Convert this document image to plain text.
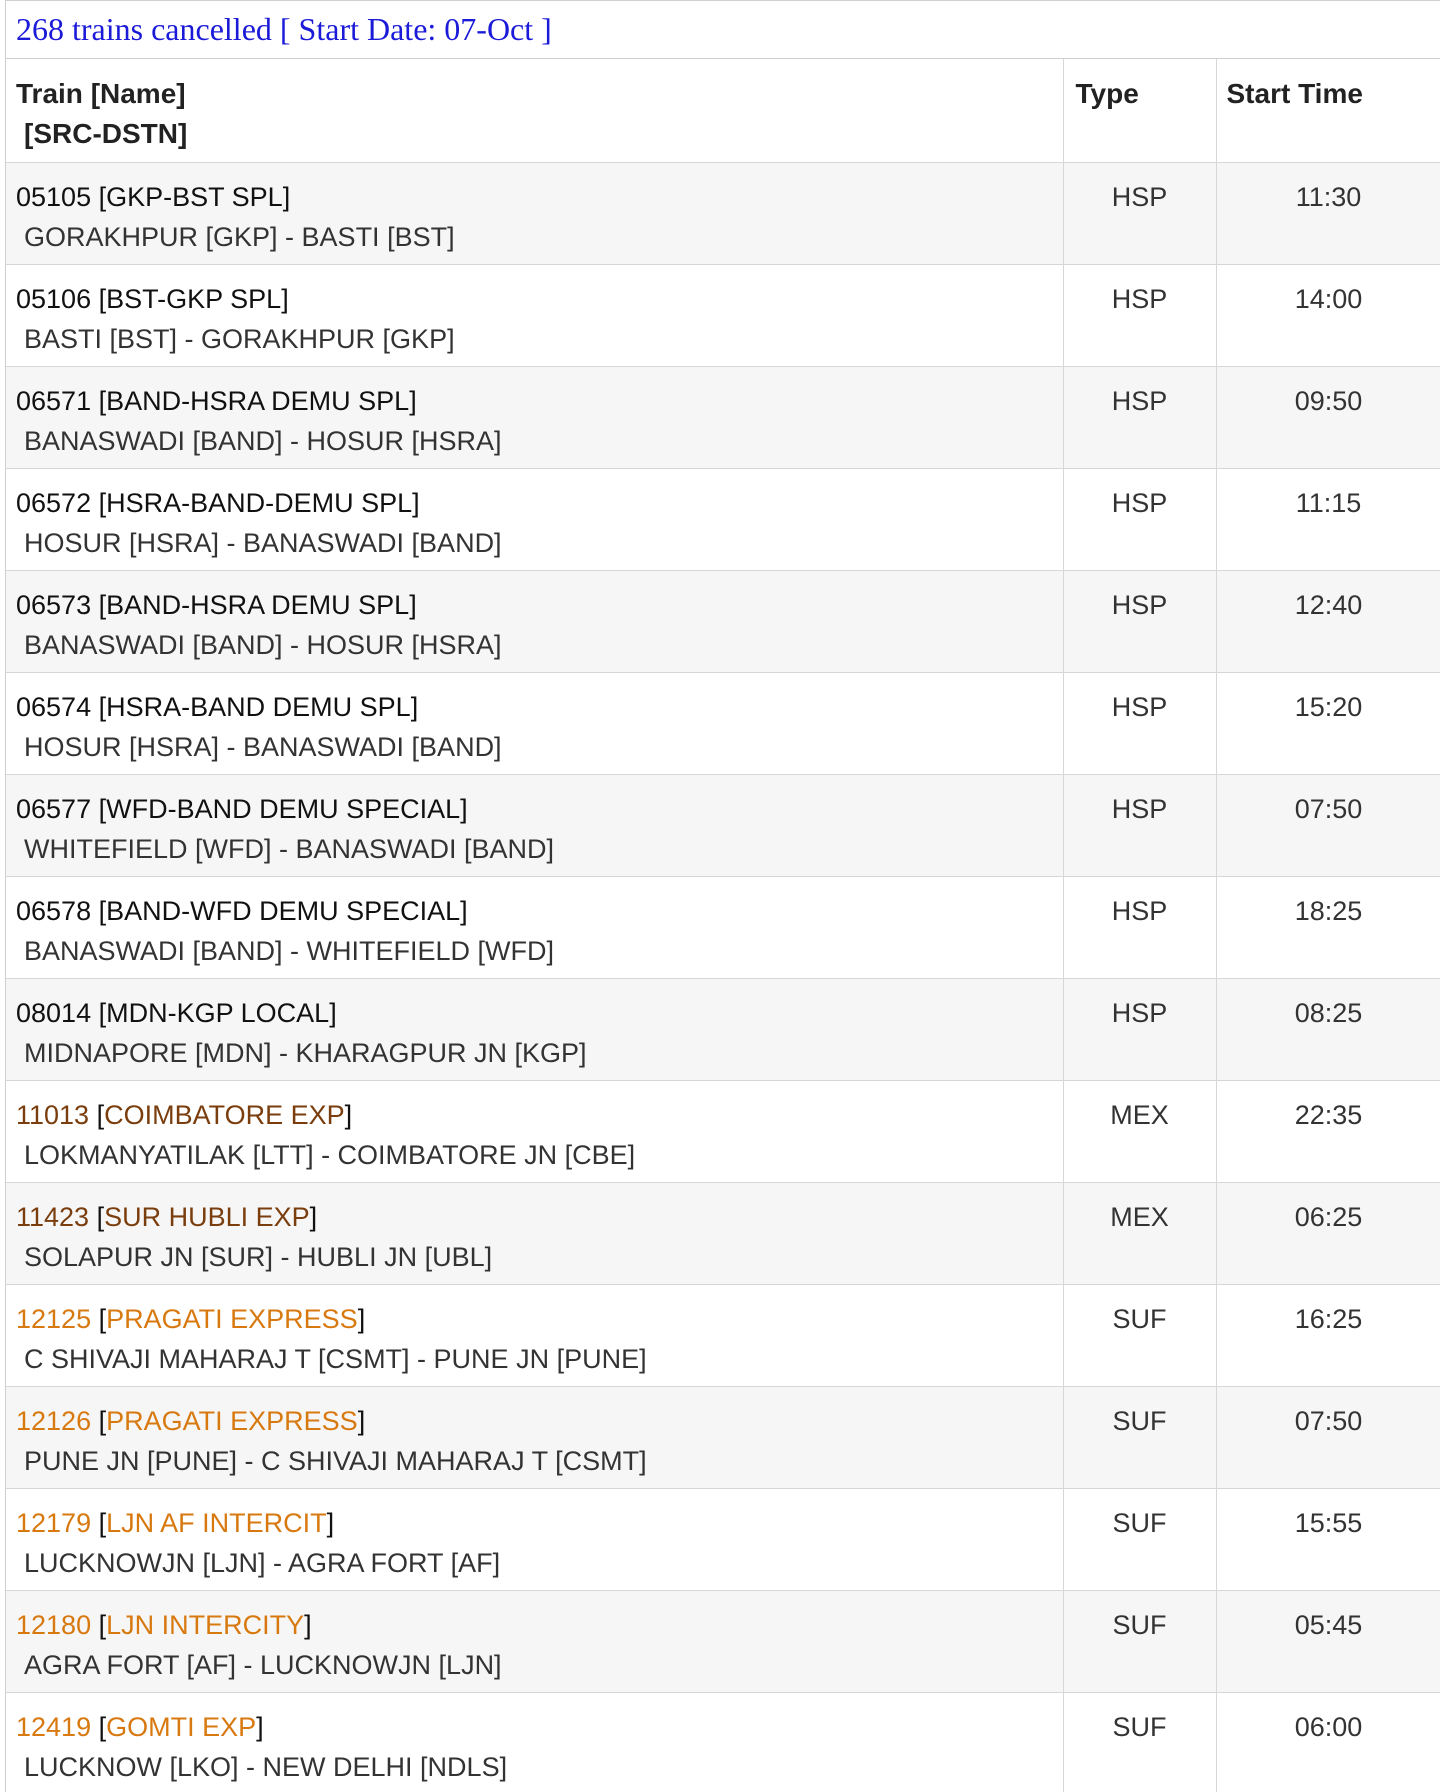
268 trains cancelled [ Start Date: 07-Oct ]
Train [Name]
[SRC-DSTN]	Type	Start Time

05105 [GKP-BST SPL]
GORAKHPUR [GKP] - BASTI [BST]	HSP	11:30

05106 [BST-GKP SPL]
BASTI [BST] - GORAKHPUR [GKP]	HSP	14:00

06571 [BAND-HSRA DEMU SPL]
BANASWADI [BAND] - HOSUR [HSRA]	HSP	09:50

06572 [HSRA-BAND-DEMU SPL]
HOSUR [HSRA] - BANASWADI [BAND]	HSP	11:15

06573 [BAND-HSRA DEMU SPL]
BANASWADI [BAND] - HOSUR [HSRA]	HSP	12:40

06574 [HSRA-BAND DEMU SPL]
HOSUR [HSRA] - BANASWADI [BAND]	HSP	15:20

06577 [WFD-BAND DEMU SPECIAL]
WHITEFIELD [WFD] - BANASWADI [BAND]	HSP	07:50

06578 [BAND-WFD DEMU SPECIAL]
BANASWADI [BAND] - WHITEFIELD [WFD]	HSP	18:25

08014 [MDN-KGP LOCAL]
MIDNAPORE [MDN] - KHARAGPUR JN [KGP]	HSP	08:25

11013 [COIMBATORE EXP]
LOKMANYATILAK [LTT] - COIMBATORE JN [CBE]	MEX	22:35

11423 [SUR HUBLI EXP]
SOLAPUR JN [SUR] - HUBLI JN [UBL]	MEX	06:25

12125 [PRAGATI EXPRESS]
C SHIVAJI MAHARAJ T [CSMT] - PUNE JN [PUNE]	SUF	16:25

12126 [PRAGATI EXPRESS]
PUNE JN [PUNE] - C SHIVAJI MAHARAJ T [CSMT]	SUF	07:50

12179 [LJN AF INTERCIT]
LUCKNOWJN [LJN] - AGRA FORT [AF]	SUF	15:55

12180 [LJN INTERCITY]
AGRA FORT [AF] - LUCKNOWJN [LJN]	SUF	05:45

12419 [GOMTI EXP]
LUCKNOW [LKO] - NEW DELHI [NDLS]	SUF	06:00
